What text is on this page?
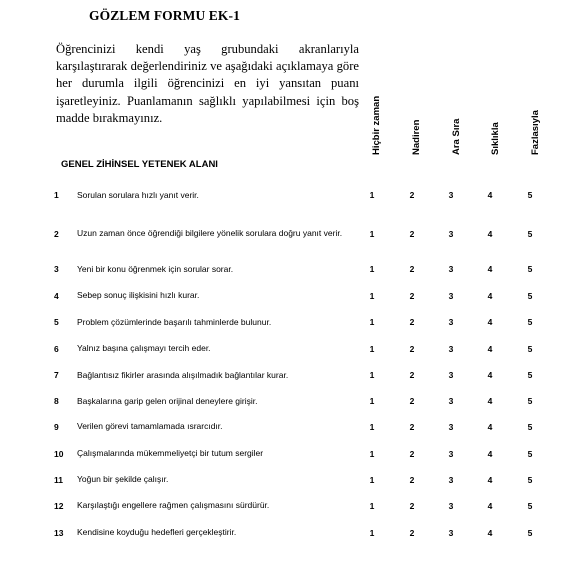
GÖZLEM FORMU EK-1
Öğrencinizi kendi yaş grubundaki akranlarıyla karşılaştırarak değerlendiriniz ve aşağıdaki açıklamaya göre her durumla ilgili öğrencinizi en iyi yansıtan puanı işaretleyiniz. Puanlamanın sağlıklı yapılabilmesi için boş madde bırakmayınız.	Hiçbir zaman	Nadiren	Ara Sıra	Sıklıkla	Fazlasıyla
GENEL ZİHİNSEL YETENEK ALANI
1 Sorulan sorulara hızlı yanıt verir.	1	2	3	4	5
2 Uzun zaman önce öğrendiği bilgilere yönelik sorulara doğru yanıt verir.	1	2	3	4	5
3 Yeni bir konu öğrenmek için sorular sorar.	1	2	3	4	5
4 Sebep sonuç ilişkisini hızlı kurar.	1	2	3	4	5
5 Problem çözümlerinde başarılı tahminlerde bulunur.	1	2	3	4	5
6 Yalnız başına çalışmayı tercih eder.	1	2	3	4	5
7 Bağlantısız fikirler arasında alışılmadık bağlantılar kurar.	1	2	3	4	5
8 Başkalarına garip gelen orijinal deneylere girişir.	1	2	3	4	5
9 Verilen görevi tamamlamada ısrarcıdır.	1	2	3	4	5
10 Çalışmalarında mükemmeliyetçi bir tutum sergiler	1	2	3	4	5
11 Yoğun bir şekilde çalışır.	1	2	3	4	5
12 Karşılaştığı engellere rağmen çalışmasını sürdürür.	1	2	3	4	5
13 Kendisine koyduğu hedefleri gerçekleştirir.	1	2	3	4	5
